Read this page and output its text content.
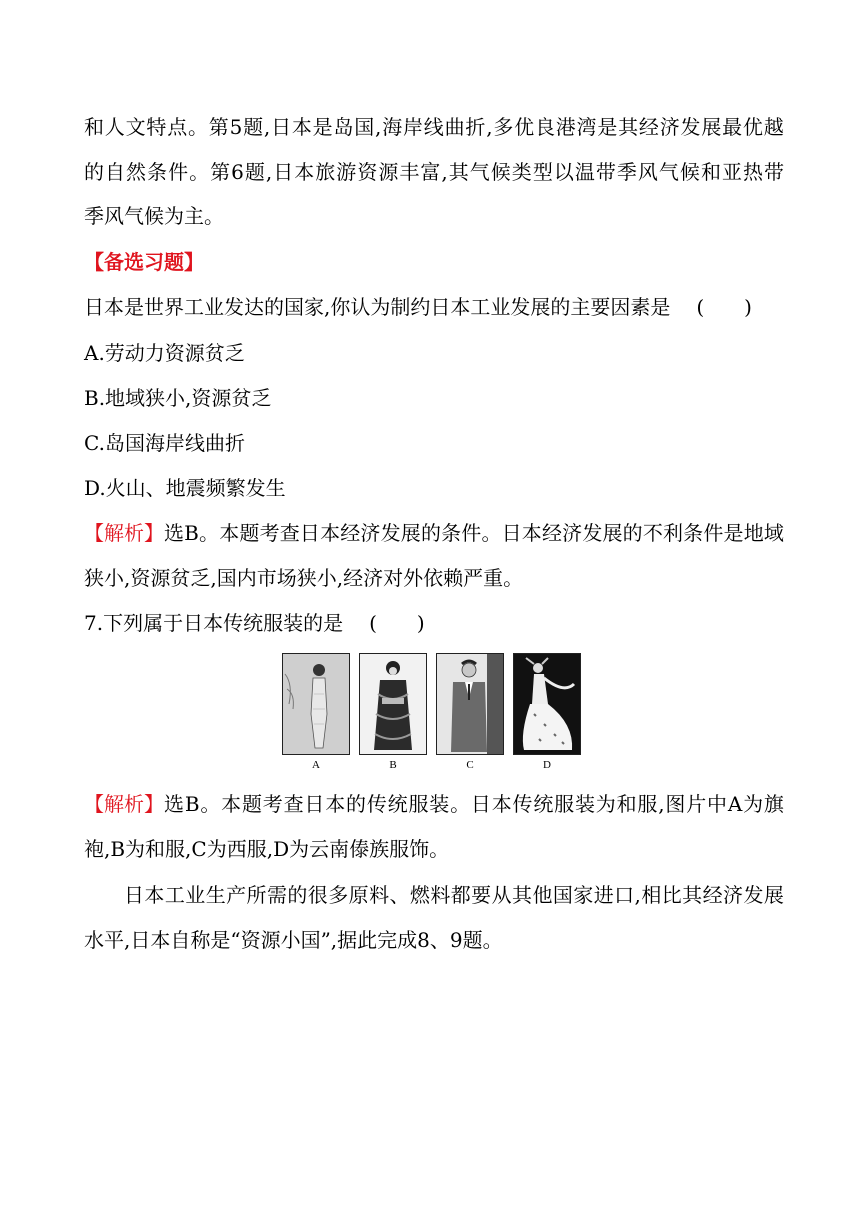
和 人 文 特 点 。 第 5 题 , 日 本 是 岛 国 , 海 岸 线 曲 折 , 多 优 良 港 湾 是 其 经 济 发 展 最 优 越
的 自 然 条 件 。 第 6 题 , 日 本 旅 游 资 源 丰 富 , 其 气 候 类 型 以 温 带 季 风 气 候 和 亚 热 带
季风气候为主。
【备选习题】
日本是世界工业发达的国家,你认为制约日本工业发展的主要因素是 (　　)
A.劳动力资源贫乏
B.地域狭小,资源贫乏
C.岛国海岸线曲折
D.火山、地震频繁发生
【解析】 选 B 。 本 题 考 查 日 本 经 济 发 展 的 条 件 。 日 本 经 济 发 展 的 不 利 条 件 是 地 域
狭小,资源贫乏,国内市场狭小,经济对外依赖严重。
7.下列属于日本传统服装的是 (　　)
A	B	C	D
【解析】 选 B 。 本 题 考 查 日 本 的 传 统 服 装 。 日 本 传 统 服 装 为 和 服 , 图 片 中 A 为 旗
袍,B为和服,C为西服,D为云南傣族服饰。
日 本 工 业 生 产 所 需 的 很 多 原 料 、 燃 料 都 要 从 其 他 国 家 进 口 , 相 比 其 经 济 发 展
水平,日本自称是“资源小国”,据此完成8、9题。
